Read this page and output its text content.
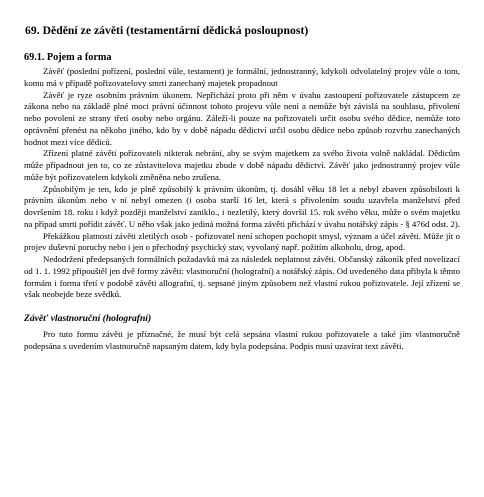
69. Dědění ze závěti (testamentární dědická posloupnost)
69.1. Pojem a forma

Závěť (poslední pořízení, poslední vůle, testament) je formální, jednostranný, kdykoli odvolatelný projev vůle o tom, komu má v případě pořizovatelovy smrti zanechaný majetek propadnout

Závěť je ryze osobním právním úkonem. Nepřichází proto při něm v úvahu zastoupení pořizovatele zástupcem ze zákona nebo na základě plné moci právní účinnost tohoto projevu vůle není a nemůže být závislá na souhlasu, přivolení nebo povolení ze strany třetí osoby nebo orgánu. Záleží-li pouze na pořizovateli určit osobu svého dědice, nemůže toto oprávnění přenést na někoho jiného, kdo by v době nápadu dědictví určil osobu dědice nebo způsob rozvrhu zanechaných hodnot mezi více dědiců.

Zřízení platné závěti pořizovateli nikterak nebrání, aby se svým majetkem za svého života volně nakládal. Dědicům může případnout jen to, co ze zůstavitelova majetku zbude v době nápadu dědictví. Závěť jako jednostranný projev vůle může být pořizovatelem kdykoli změněna nebo zrušena.

Způsobilým je ten, kdo je plně způsobilý k právním úkonům, tj. dosáhl věku 18 let a nebyl zbaven způsobilosti k právním úkonům nebo v ní nebyl omezen (i osoba starší 16 let, která s přivolením soudu uzavřela manželství před dovršením 18. roku i když později manželství zaniklo., i nezletilý, který dovršil 15. rok svého věku, může o svém majetku na případ smrti pořídit závěť. U něho však jako jediná možná forma závěti přichází v úvahu notářský zápis - § 476d odst. 2).

Překážkou platnosti závěti zletilých osob - pořizovatel není schopen pochopit smysl, význam a účel závěti. Může jít o projev duševní poruchy nebo i jen o přechodný psychický stav, vyvolaný např. požitím alkoholu, drog, apod.

Nedodržení předepsaných formálních požadavků má za následek neplatnost závěti. Občanský zákoník před novelizací od 1. 1. 1992 připouštěl jen dvě formy závěti: vlastnoruční (holografní) a notářský zápis. Od uvedeného data přibyla k těmto formám i forma třetí v podobě závěti allografní, tj. sepsané jiným způsobem než vlastní rukou pořizovatele. Její zřízení se však neobejde beze svědků.

Závěť vlastnoruční (holografní)

Pro tuto formu závěti je příznačné, že musí být celá sepsána vlastní rukou pořizovatele a také jím vlastnoručně podepsána s uvedením vlastnoručně napsaným datem, kdy byla podepsána. Podpis musí uzavírat text závěti.
